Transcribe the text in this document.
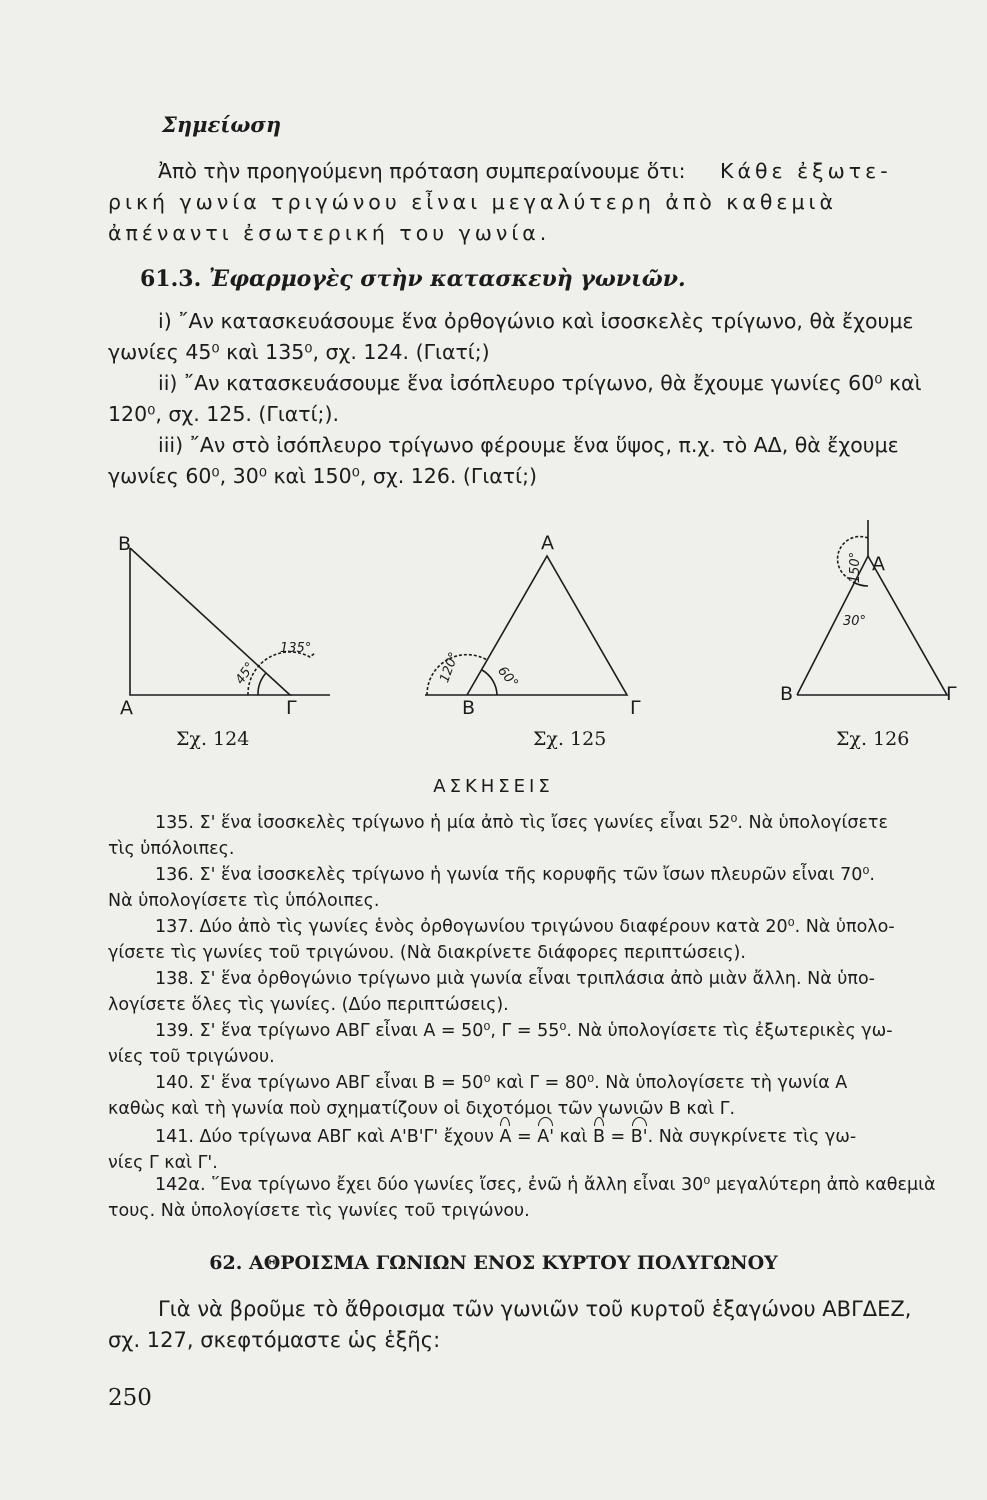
Σημείωση
Ἀπὸ τὴν προηγούμενη πρόταση συμπεραίνουμε ὅτι: Κάθε ἐξωτε-
ρική γωνία τριγώνου εἶναι μεγαλύτερη ἀπὸ καθεμιὰ
ἀπέναντι ἐσωτερική του γωνία.
61.3. Ἐφαρμογὲς στὴν κατασκευὴ γωνιῶν.
i) ῎Αν κατασκευάσουμε ἕνα ὀρθογώνιο καὶ ἰσοσκελὲς τρίγωνο, θὰ ἔχουμε
γωνίες 45⁰ καὶ 135⁰, σχ. 124. (Γιατί;)
ii) ῎Αν κατασκευάσουμε ἕνα ἰσόπλευρο τρίγωνο, θὰ ἔχουμε γωνίες 60⁰ καὶ
120⁰, σχ. 125. (Γιατί;).
iii) ῎Αν στὸ ἰσόπλευρο τρίγωνο φέρουμε ἕνα ὕψος, π.χ. τὸ ΑΔ, θὰ ἔχουμε
γωνίες 60⁰, 30⁰ καὶ 150⁰, σχ. 126. (Γιατί;)
Β
Α	Γ
135°
45°
Σχ. 124
Α
Β	Γ
120° 60°
Σχ. 125
Α
Β	Γ
150°
30°
Σχ. 126
ΑΣΚΗΣΕΙΣ
135. Σ' ἕνα ἰσοσκελὲς τρίγωνο ἡ μία ἀπὸ τὶς ἴσες γωνίες εἶναι 52⁰. Νὰ ὑπολογίσετε
τὶς ὑπόλοιπες.
136. Σ' ἕνα ἰσοσκελὲς τρίγωνο ἡ γωνία τῆς κορυφῆς τῶν ἴσων πλευρῶν εἶναι 70⁰.
Νὰ ὑπολογίσετε τὶς ὑπόλοιπες.
137. Δύο ἀπὸ τὶς γωνίες ἑνὸς ὀρθογωνίου τριγώνου διαφέρουν κατὰ 20⁰. Νὰ ὑπολο-
γίσετε τὶς γωνίες τοῦ τριγώνου. (Νὰ διακρίνετε διάφορες περιπτώσεις).
138. Σ' ἕνα ὀρθογώνιο τρίγωνο μιὰ γωνία εἶναι τριπλάσια ἀπὸ μιὰν ἄλλη. Νὰ ὑπο-
λογίσετε ὅλες τὶς γωνίες. (Δύο περιπτώσεις).
139. Σ' ἕνα τρίγωνο ΑΒΓ εἶναι Α = 50⁰, Γ = 55⁰. Νὰ ὑπολογίσετε τὶς ἐξωτερικὲς γω-
νίες τοῦ τριγώνου.
140. Σ' ἕνα τρίγωνο ΑΒΓ εἶναι Β = 50⁰ καὶ Γ = 80⁰. Νὰ ὑπολογίσετε τὴ γωνία Α
καθὼς καὶ τὴ γωνία ποὺ σχηματίζουν οἱ διχοτόμοι τῶν γωνιῶν Β καὶ Γ.
141. Δύο τρίγωνα ΑΒΓ καὶ Α'Β'Γ' ἔχουν Α = Α' καὶ Β = Β'. Νὰ συγκρίνετε τὶς γω-
νίες Γ καὶ Γ'.
142α. ῞Ενα τρίγωνο ἔχει δύο γωνίες ἴσες, ἐνῶ ἡ ἄλλη εἶναι 30⁰ μεγαλύτερη ἀπὸ καθεμιὰ
τους. Νὰ ὑπολογίσετε τὶς γωνίες τοῦ τριγώνου.
62. ΑΘΡΟΙΣΜΑ ΓΩΝΙΩΝ ΕΝΟΣ ΚΥΡΤΟΥ ΠΟΛΥΓΩΝΟΥ
Γιὰ νὰ βροῦμε τὸ ἄθροισμα τῶν γωνιῶν τοῦ κυρτοῦ ἑξαγώνου ΑΒΓΔΕΖ,
σχ. 127, σκεφτόμαστε ὡς ἑξῆς:
250
